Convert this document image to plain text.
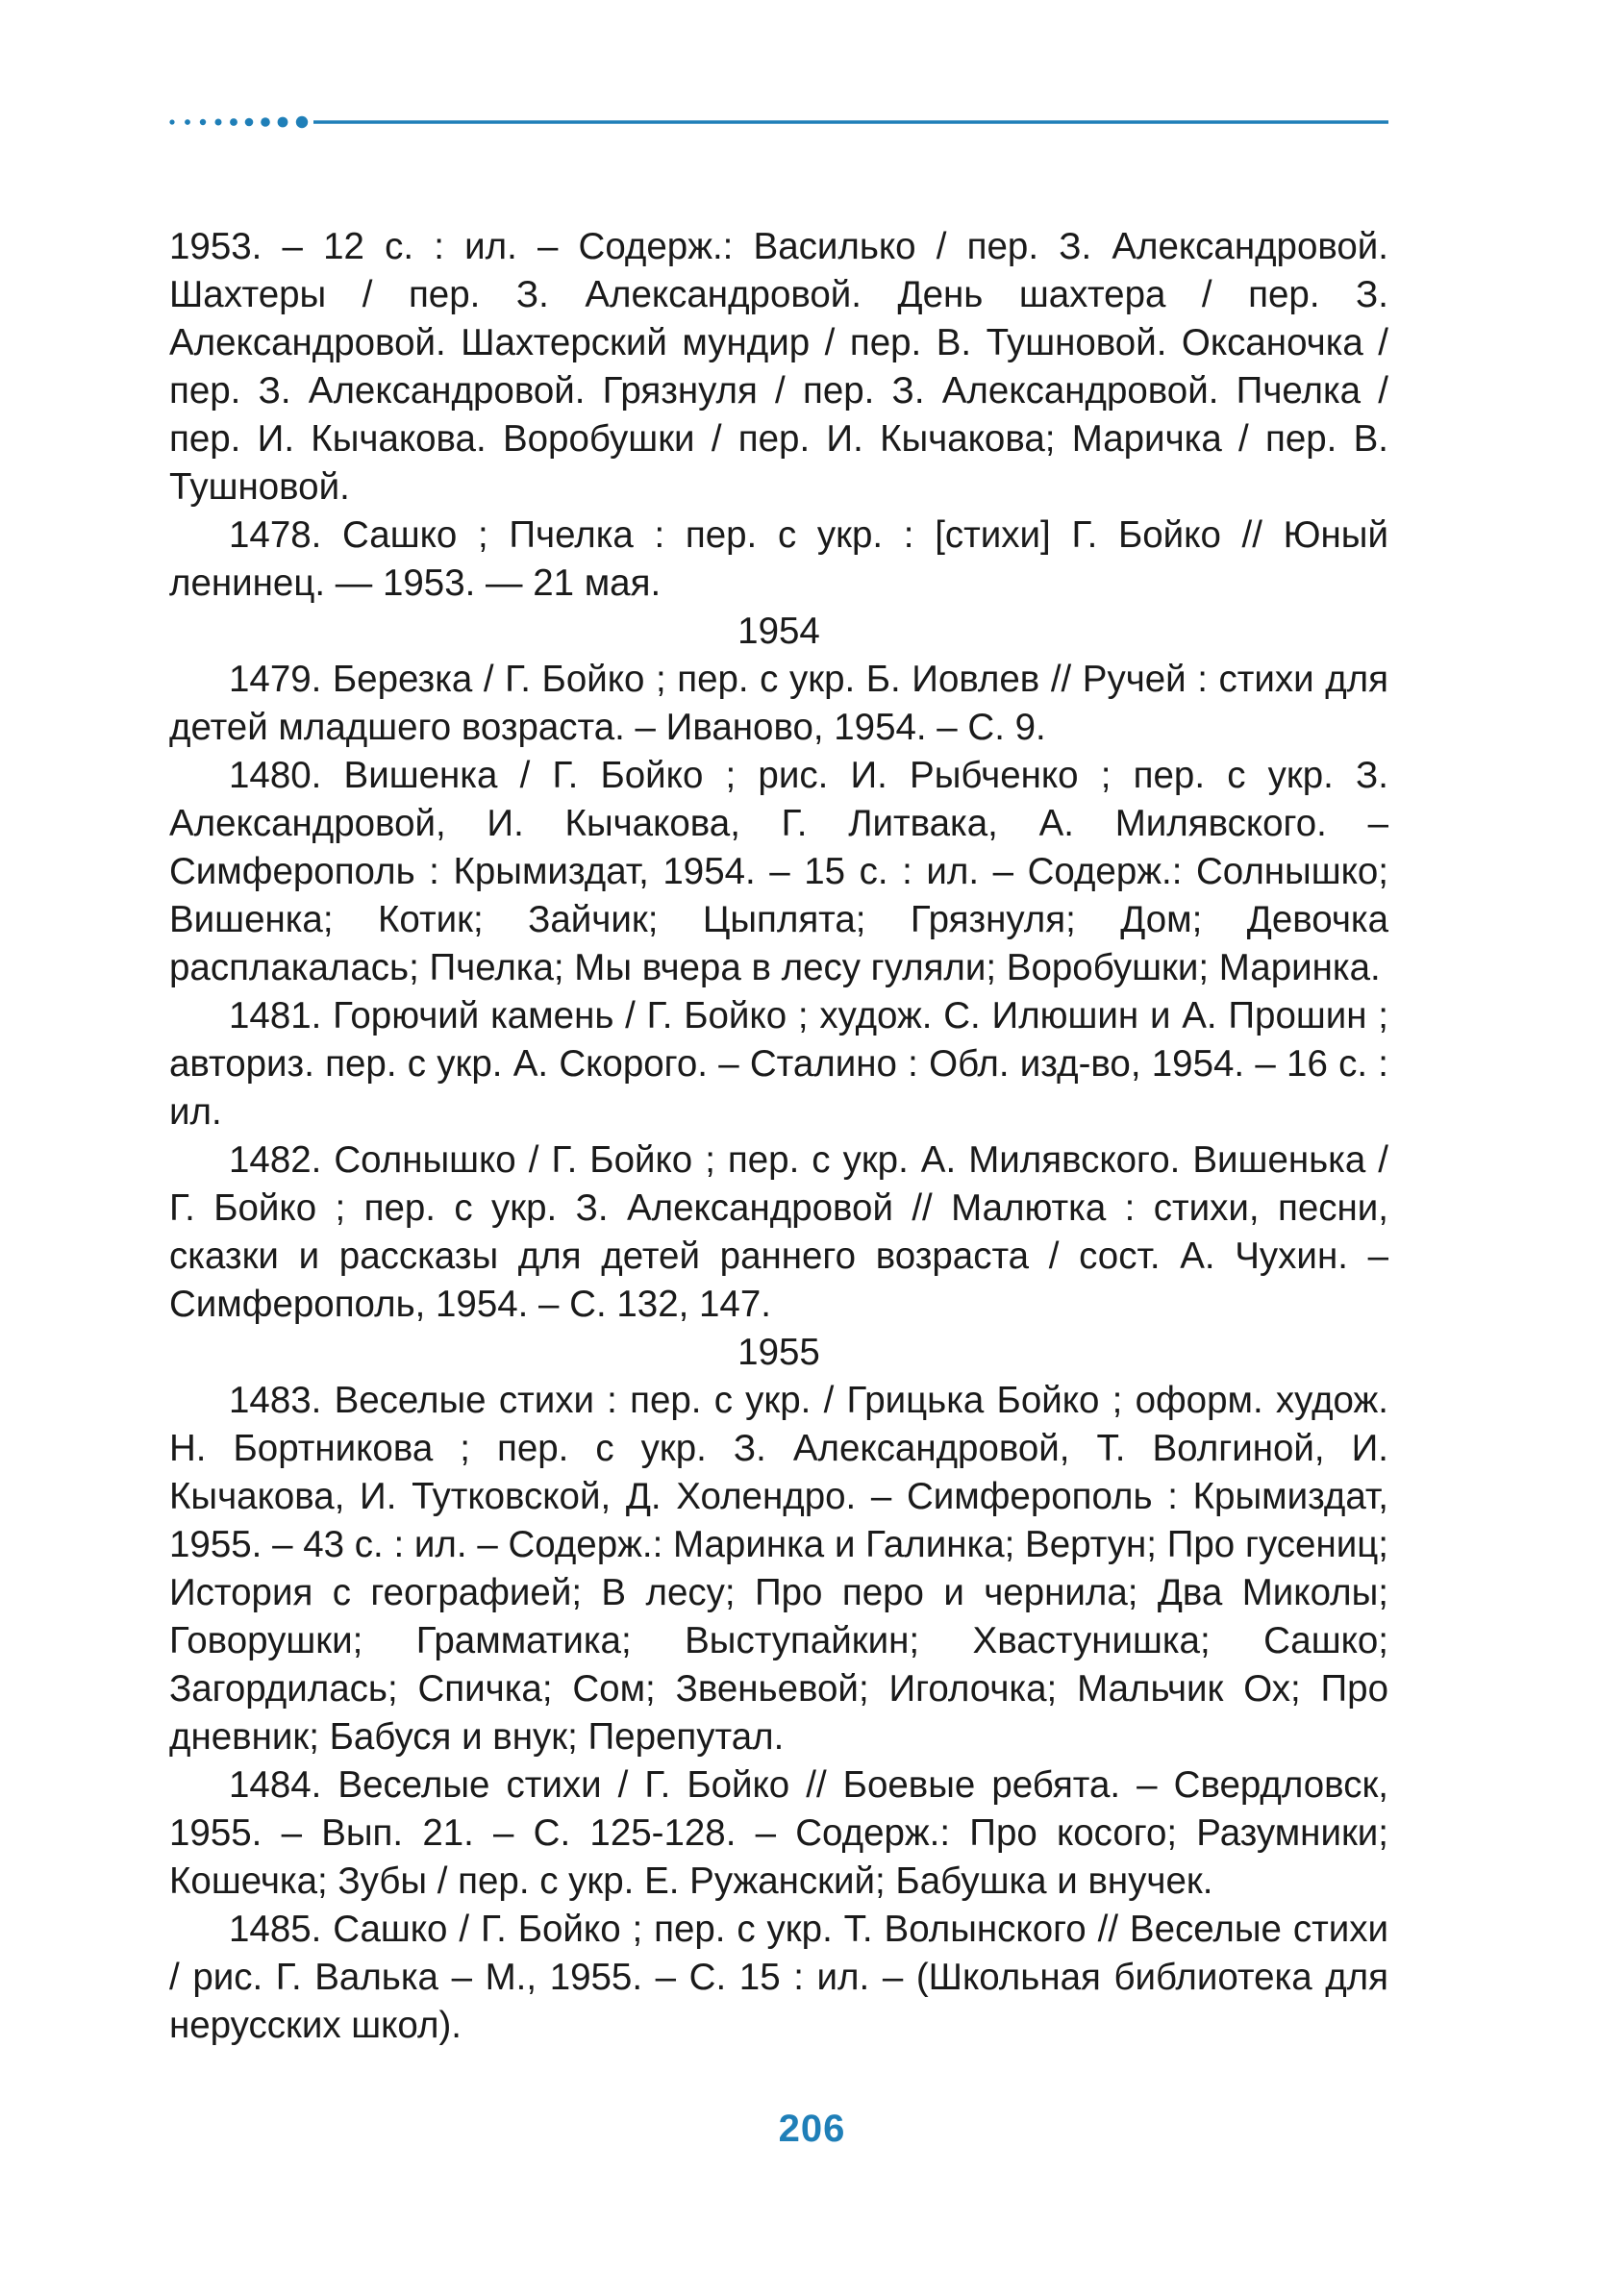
1953. – 12 с. : ил. – Содерж.: Василько / пер. З. Александровой. Шахтеры / пер. З. Александровой. День шахтера / пер. З. Александровой. Шахтерский мундир / пер. В. Тушновой. Оксаночка / пер. З. Александровой. Грязнуля / пер. З. Александровой. Пчелка / пер. И. Кычакова. Воробушки / пер. И. Кычакова; Маричка / пер. В. Тушновой.

1478. Сашко ; Пчелка : пер. с укр. : [стихи] Г. Бойко // Юный ленинец. — 1953. — 21 мая.

1954

1479. Березка / Г. Бойко ; пер. с укр. Б. Иовлев // Ручей : стихи для детей младшего возраста. – Иваново, 1954. – С. 9.

1480. Вишенка / Г. Бойко ; рис. И. Рыбченко ; пер. с укр. З. Александровой, И. Кычакова, Г. Литвака, А. Милявского. – Симферополь : Крымиздат, 1954. – 15 с. : ил. – Содерж.: Солнышко; Вишенка; Котик; Зайчик; Цыплята; Грязнуля; Дом; Девочка расплакалась; Пчелка; Мы вчера в лесу гуляли; Воробушки; Маринка.

1481. Горючий камень / Г. Бойко ; худож. С. Илюшин и А. Прошин ; авториз. пер. с укр. А. Скорого. – Сталино : Обл. изд-во, 1954. – 16 с. : ил.

1482. Солнышко / Г. Бойко ; пер. с укр. А. Милявского. Вишенька / Г. Бойко ; пер. с укр. З. Александровой // Малютка : стихи, песни, сказки и рассказы для детей раннего возраста / сост. А. Чухин. – Симферополь, 1954. – С. 132, 147.

1955

1483. Веселые стихи : пер. с укр. / Грицька Бойко ; оформ. худож. Н. Бортникова ; пер. с укр. З. Александровой, Т. Волгиной, И. Кычакова, И. Тутковской, Д. Холендро. – Симферополь : Крымиздат, 1955. – 43 с. : ил. – Содерж.: Маринка и Галинка; Вертун; Про гусениц; История с географией; В лесу; Про перо и чернила; Два Миколы; Говорушки; Грамматика; Выступайкин; Хвастунишка; Сашко; Загордилась; Спичка; Сом; Звеньевой; Иголочка; Мальчик Ох; Про дневник; Бабуся и внук; Перепутал.

1484. Веселые стихи / Г. Бойко // Боевые ребята. – Свердловск, 1955. – Вып. 21. – С. 125-128. – Содерж.: Про косого; Разумники; Кошечка; Зубы / пер. с укр. Е. Ружанский; Бабушка и внучек.

1485. Сашко / Г. Бойко ; пер. с укр. Т. Волынского // Веселые стихи / рис. Г. Валька – М., 1955. – С. 15 : ил. – (Школьная библиотека для нерусских школ).

206
